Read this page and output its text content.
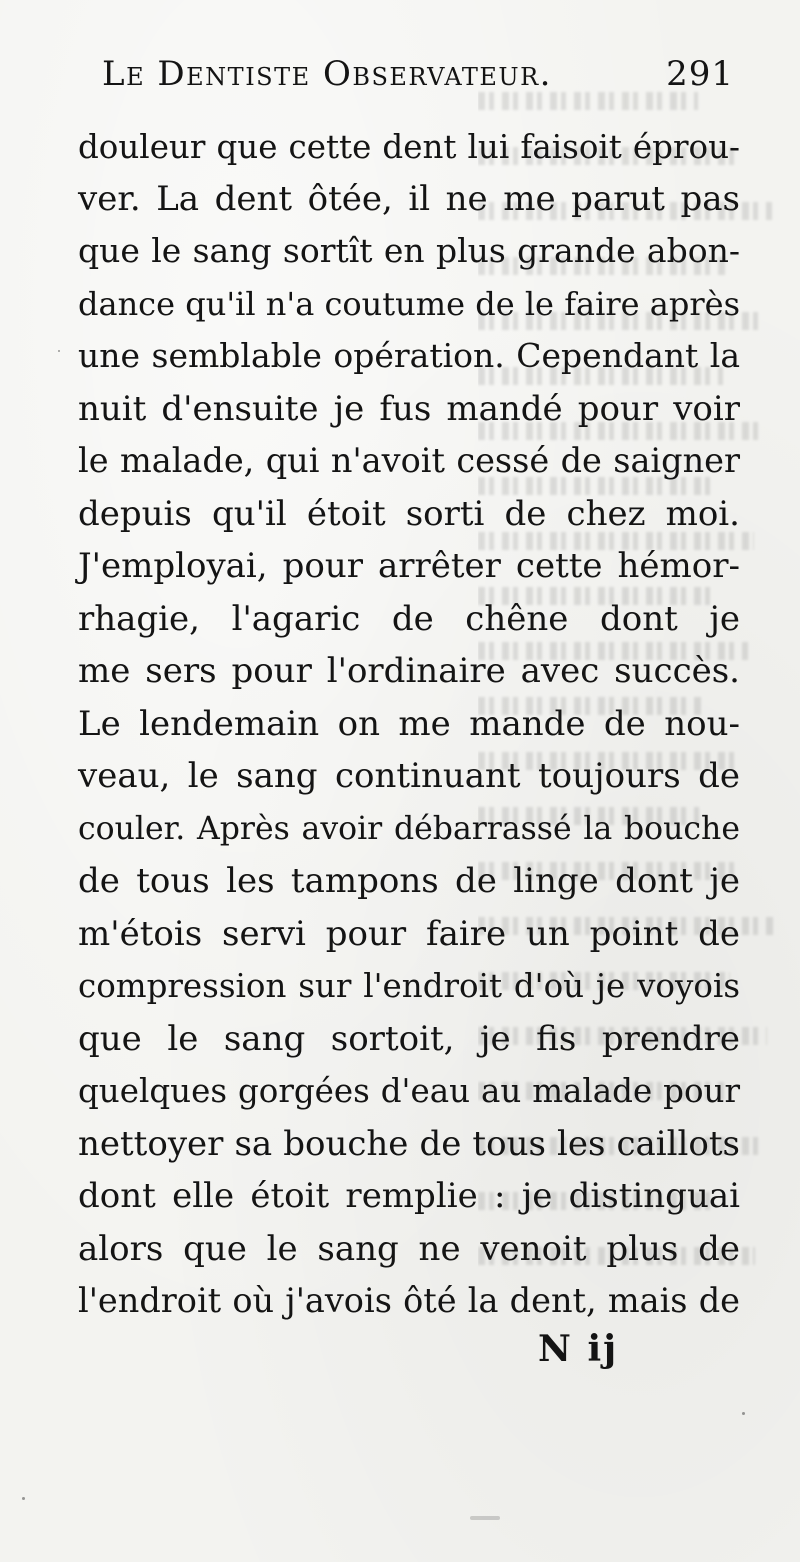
Le Dentiste Observateur.	291
douleur que cette dent lui faisoit éprou-
ver. La dent ôtée, il ne me parut pas
que le sang sortît en plus grande abon-
dance qu'il n'a coutume de le faire après
une semblable opération. Cependant la
nuit d'ensuite je fus mandé pour voir
le malade, qui n'avoit cessé de saigner
depuis qu'il étoit sorti de chez moi.
J'employai, pour arrêter cette hémor-
rhagie, l'agaric de chêne dont je
me sers pour l'ordinaire avec succès.
Le lendemain on me mande de nou-
veau, le sang continuant toujours de
couler. Après avoir débarrassé la bouche
de tous les tampons de linge dont je
m'étois servi pour faire un point de
compression sur l'endroit d'où je voyois
que le sang sortoit, je fis prendre
quelques gorgées d'eau au malade pour
nettoyer sa bouche de tous les caillots
dont elle étoit remplie : je distinguai
alors que le sang ne venoit plus de
l'endroit où j'avois ôté la dent, mais de
N ij
